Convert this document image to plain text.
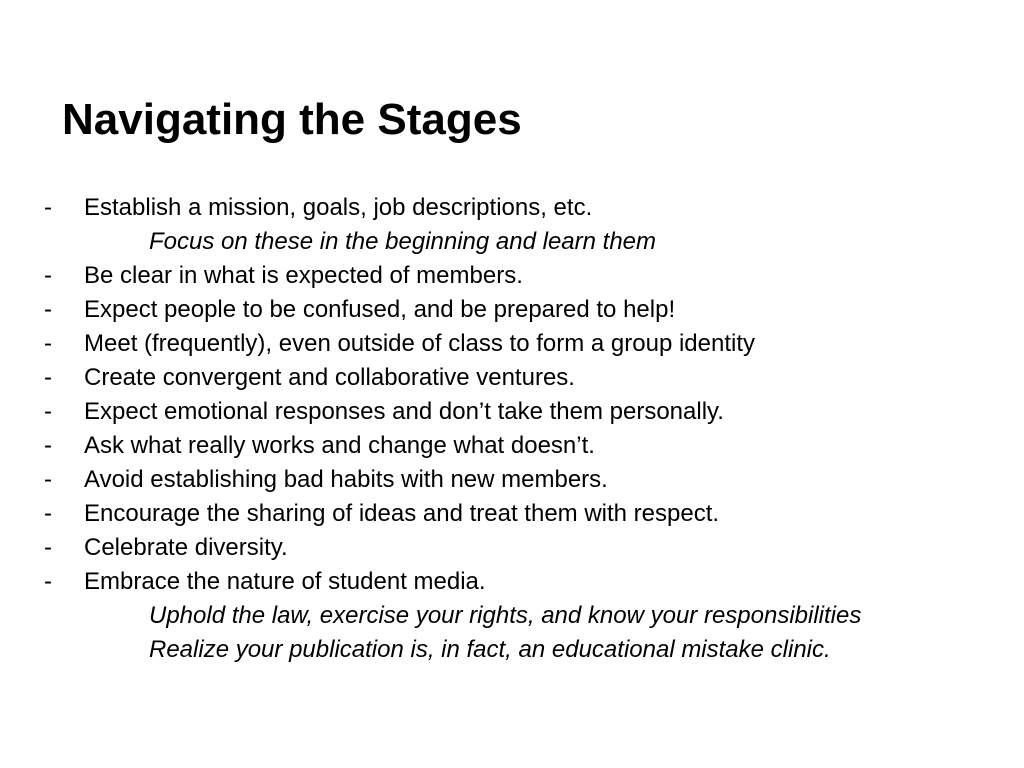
Navigating the Stages
- Establish a mission, goals, job descriptions, etc.
Focus on these in the beginning and learn them
- Be clear in what is expected of members.
- Expect people to be confused, and be prepared to help!
- Meet (frequently), even outside of class to form a group identity
- Create convergent and collaborative ventures.
- Expect emotional responses and don’t take them personally.
- Ask what really works and change what doesn’t.
- Avoid establishing bad habits with new members.
- Encourage the sharing of ideas and treat them with respect.
- Celebrate diversity.
- Embrace the nature of student media.
Uphold the law, exercise your rights, and know your responsibilities
Realize your publication is, in fact, an educational mistake clinic.
